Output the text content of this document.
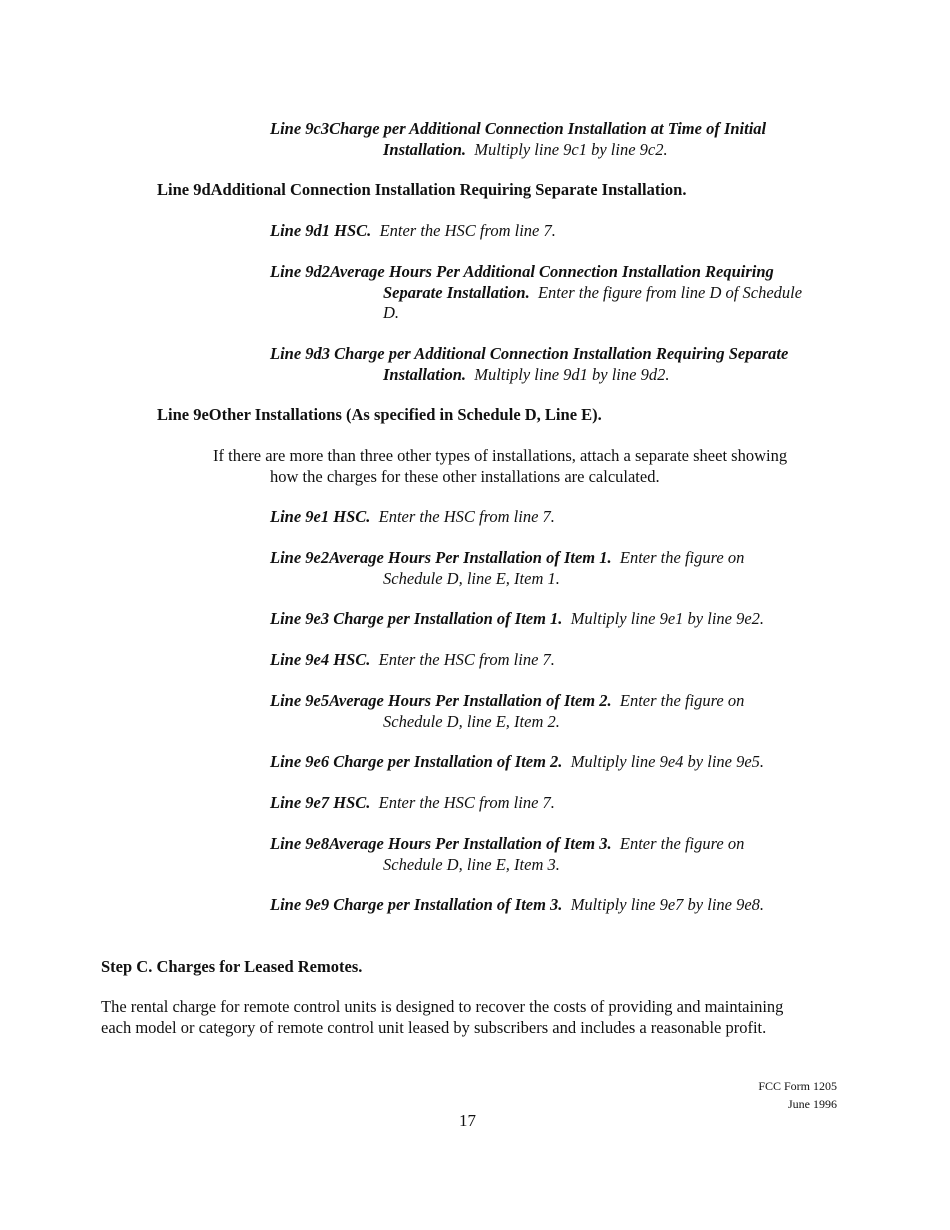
Line 9c3Charge per Additional Connection Installation at Time of Initial
Installation. Multiply line 9c1 by line 9c2.
Line 9dAdditional Connection Installation Requiring Separate Installation.
Line 9d1 HSC. Enter the HSC from line 7.
Line 9d2Average Hours Per Additional Connection Installation Requiring
Separate Installation. Enter the figure from line D of Schedule
D.
Line 9d3 Charge per Additional Connection Installation Requiring Separate
Installation. Multiply line 9d1 by line 9d2.
Line 9eOther Installations (As specified in Schedule D, Line E).
If there are more than three other types of installations, attach a separate sheet showing
how the charges for these other installations are calculated.
Line 9e1 HSC. Enter the HSC from line 7.
Line 9e2Average Hours Per Installation of Item 1. Enter the figure on
Schedule D, line E, Item 1.
Line 9e3 Charge per Installation of Item 1. Multiply line 9e1 by line 9e2.
Line 9e4 HSC. Enter the HSC from line 7.
Line 9e5Average Hours Per Installation of Item 2. Enter the figure on
Schedule D, line E, Item 2.
Line 9e6 Charge per Installation of Item 2. Multiply line 9e4 by line 9e5.
Line 9e7 HSC. Enter the HSC from line 7.
Line 9e8Average Hours Per Installation of Item 3. Enter the figure on
Schedule D, line E, Item 3.
Line 9e9 Charge per Installation of Item 3. Multiply line 9e7 by line 9e8.
Step C. Charges for Leased Remotes.
The rental charge for remote control units is designed to recover the costs of providing and maintaining
each model or category of remote control unit leased by subscribers and includes a reasonable profit.
FCC Form 1205
June 1996
17
